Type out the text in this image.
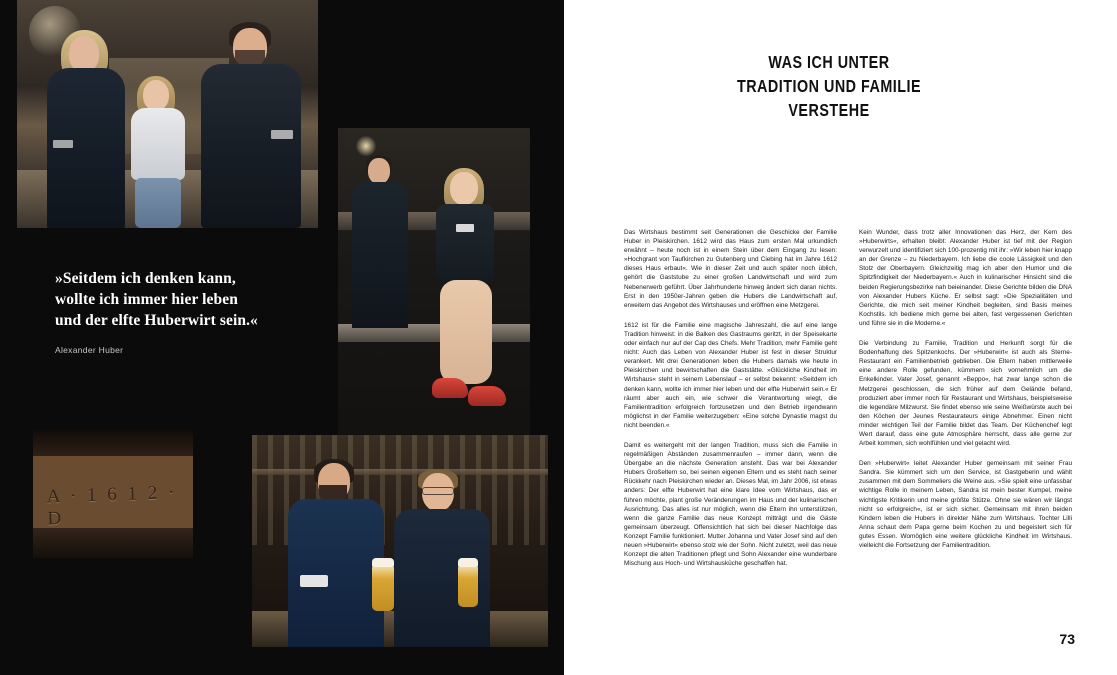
A · 1 6 1 2 · D
»Seitdem ich denken kann,
wollte ich immer hier leben
und der elfte Huberwirt sein.«
Alexander Huber
WAS ICH UNTER
TRADITION UND FAMILIE
VERSTEHE

Das Wirtshaus bestimmt seit Generationen die Geschicke der Familie Huber in Pleiskirchen. 1612 wird das Haus zum ersten Mal urkundlich erwähnt – heute noch ist in einem Stein über dem Eingang zu lesen: »Hochgrant von Taufkirchen zu Gutenberg und Ciebing hat im Jahre 1612 dieses Haus erbaut«. Wie in dieser Zeit und auch später noch üblich, gehört die Gaststube zu einer großen Landwirtschaft und wird zum Nebenerwerb geführt. Über Jahrhunderte hinweg ändert sich daran nichts. Erst in den 1950er-Jahren geben die Hubers die Landwirtschaft auf, erweitern das Angebot des Wirtshauses und eröffnen eine Metzgerei.

1612 ist für die Familie eine magische Jahreszahl, die auf eine lange Tradition hinweist: in die Balken des Gastraums geritzt, in der Speisekarte oder einfach nur auf der Cap des Chefs. Mehr Tradition, mehr Familie geht nicht: Auch das Leben von Alexander Huber ist fest in dieser Struktur verankert. Mit drei Generationen leben die Hubers damals wie heute in Pleiskirchen und bewirtschaften die Gaststätte. »Glückliche Kindheit im Wirtshaus« steht in seinem Lebenslauf – er selbst bekennt: »Seitdem ich denken kann, wollte ich immer hier leben und der elfte Huberwirt sein.« Er räumt aber auch ein, wie schwer die Verantwortung wiegt, die Familientradition erfolgreich fortzusetzen und den Betrieb irgendwann möglichst in der Familie weiterzugeben: »Eine solche Dynastie magst du nicht beenden.«

Damit es weitergeht mit der langen Tradition, muss sich die Familie in regelmäßigen Abständen zusammenraufen – immer dann, wenn die Übergabe an die nächste Generation ansteht. Das war bei Alexander Hubers Großeltern so, bei seinen eigenen Eltern und es steht nach seiner Rückkehr nach Pleiskirchen wieder an. Dieses Mal, im Jahr 2006, ist etwas anders: Der elfte Huberwirt hat eine klare Idee vom Wirtshaus, das er führen möchte, plant große Veränderungen im Haus und der kulinarischen Ausrichtung. Das alles ist nur möglich, wenn die Eltern ihn unterstützen, wenn die ganze Familie das neue Konzept mitträgt und die Gäste gemeinsam überzeugt. Offensichtlich hat sich bei dieser Nachfolge das Konzept Familie funktioniert. Mutter Johanna und Vater Josef sind auf den neuen »Huberwirt« ebenso stolz wie der Sohn. Nicht zuletzt, weil das neue Konzept die alten Traditionen pflegt und Sohn Alexander eine wunderbare Mischung aus Hoch- und Wirtshausküche geschaffen hat.

Kein Wunder, dass trotz aller Innovationen das Herz, der Kern des »Huberwirts«, erhalten bleibt: Alexander Huber ist tief mit der Region verwurzelt und identifiziert sich 100-prozentig mit ihr: »Wir leben hier knapp an der Grenze – zu Niederbayern. Ich liebe die coole Lässigkeit und den Stolz der Oberbayern. Gleichzeitig mag ich aber den Humor und die Spitzfindigkeit der Niederbayern.« Auch in kulinarischer Hinsicht sind die beiden Regierungsbezirke nah beieinander. Diese Gerichte bilden die DNA von Alexander Hubers Küche. Er selbst sagt: »Die Spezialitäten und Gerichte, die mich seit meiner Kindheit begleiten, sind Basis meines Kochstils. Ich bediene mich gerne bei alten, fast vergessenen Gerichten und führe sie in die Moderne.«

Die Verbindung zu Familie, Tradition und Herkunft sorgt für die Bodenhaftung des Spitzenkochs. Der »Huberwirt« ist auch als Sterne-Restaurant ein Familienbetrieb geblieben. Die Eltern haben mittlerweile eine andere Rolle gefunden, kümmern sich vornehmlich um die Enkelkinder. Vater Josef, genannt »Beppo«, hat zwar lange schon die Metzgerei geschlossen, die sich früher auf dem Gelände befand, produziert aber immer noch für Restaurant und Wirtshaus, beispielsweise die legendäre Milzwurst. Sie findet ebenso wie seine Weißwürste auch bei den Köchen der Jeunes Restaurateurs einige Abnehmer. Einen nicht minder wichtigen Teil der Familie bildet das Team. Der Küchenchef legt Wert darauf, dass eine gute Atmosphäre herrscht, dass alle gerne zur Arbeit kommen, sich wohlfühlen und viel gelacht wird.

Den »Huberwirt« leitet Alexander Huber gemeinsam mit seiner Frau Sandra. Sie kümmert sich um den Service, ist Gastgeberin und wählt zusammen mit dem Sommeliers die Weine aus. »Sie spielt eine unfassbar wichtige Rolle in meinem Leben, Sandra ist mein bester Kumpel, meine wichtigste Kritikerin und meine größte Stütze. Ohne sie wären wir längst nicht so erfolgreich«, ist er sich sicher. Gemeinsam mit ihren beiden Kindern leben die Hubers in direkter Nähe zum Wirtshaus. Tochter Lilli Anna schaut dem Papa gerne beim Kochen zu und begeistert sich für gutes Essen. Womöglich eine weitere glückliche Kindheit im Wirtshaus. vielleicht die Fortsetzung der Familientradition.

73
